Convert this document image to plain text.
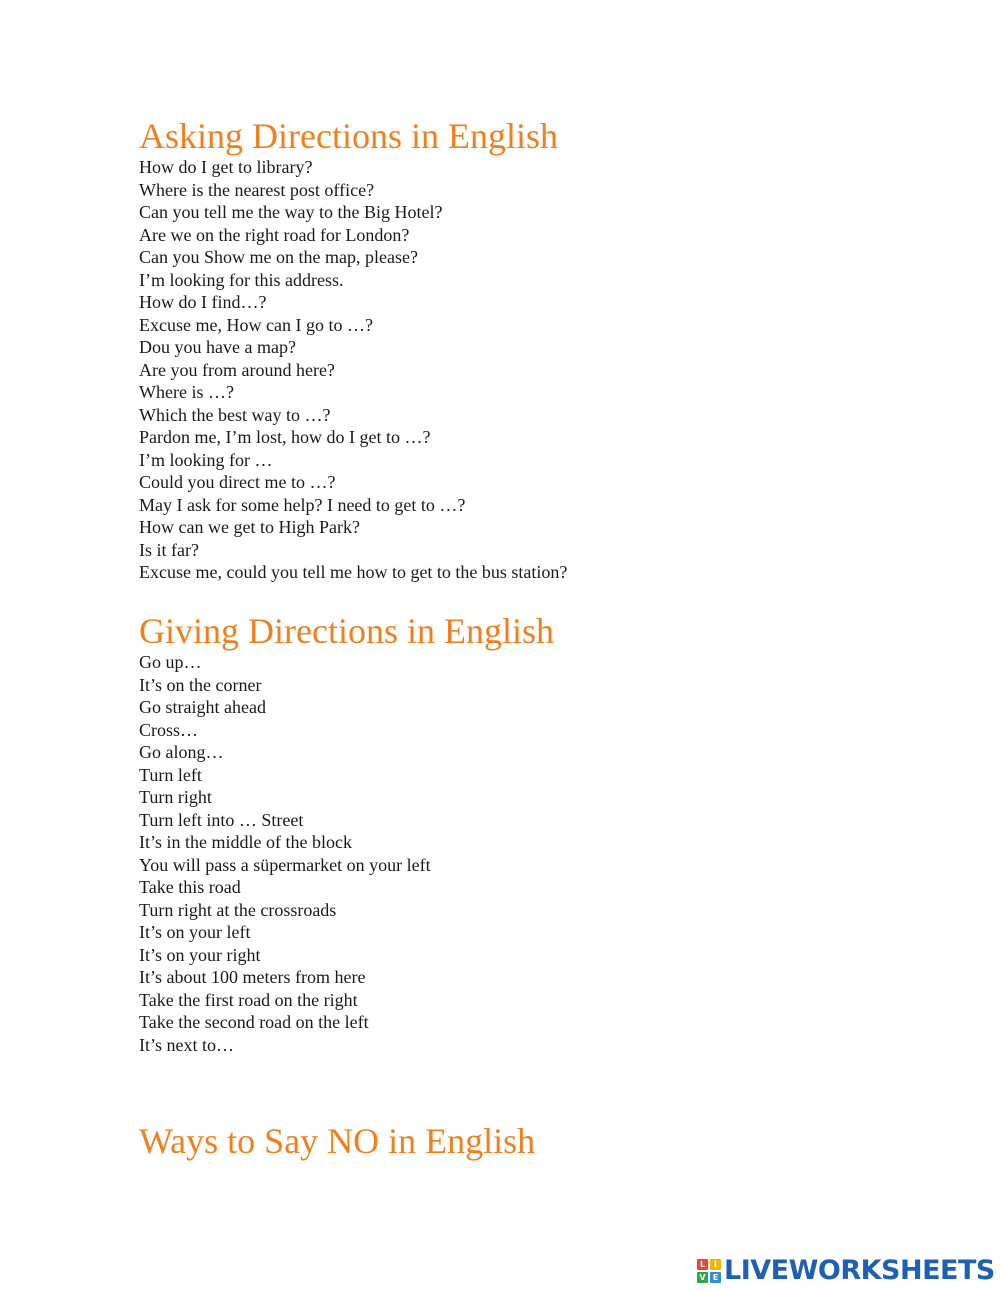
Asking Directions in English
How do I get to library?
Where is the nearest post office?
Can you tell me the way to the Big Hotel?
Are we on the right road for London?
Can you Show me on the map, please?
I’m looking for this address.
How do I find…?
Excuse me, How can I go to …?
Dou you have a map?
Are you from around here?
Where is …?
Which the best way to …?
Pardon me, I’m lost, how do I get to …?
I’m looking for …
Could you direct me to …?
May I ask for some help? I need to get to …?
How can we get to High Park?
Is it far?
Excuse me, could you tell me how to get to the bus station?
Giving Directions in English
Go up…
It’s on the corner
Go straight ahead
Cross…
Go along…
Turn left
Turn right
Turn left into … Street
It’s in the middle of the block
You will pass a süpermarket on your left
Take this road
Turn right at the crossroads
It’s on your left
It’s on your right
It’s about 100 meters from here
Take the first road on the right
Take the second road on the left
It’s next to…
Ways to Say NO in English
L	I
V E LIVEWORKSHEETS
